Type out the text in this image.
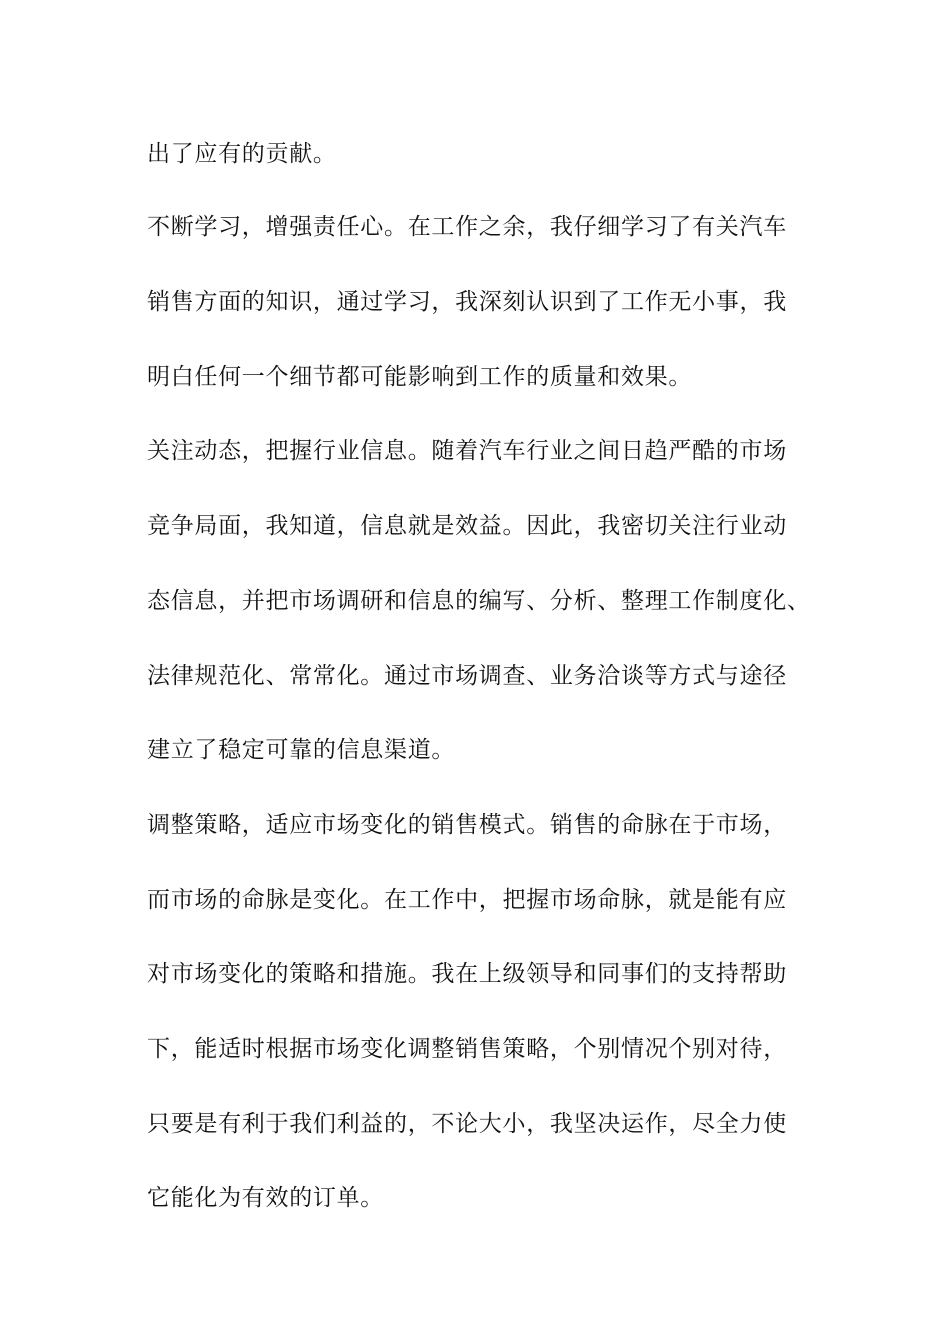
出了应有的贡献。
不断学习，增强责任心。在工作之余，我仔细学习了有关汽车
销售方面的知识，通过学习，我深刻认识到了工作无小事，我
明白任何一个细节都可能影响到工作的质量和效果。
关注动态，把握行业信息。随着汽车行业之间日趋严酷的市场
竞争局面，我知道，信息就是效益。因此，我密切关注行业动
态信息，并把市场调研和信息的编写、分析、整理工作制度化、
法律规范化、常常化。通过市场调查、业务洽谈等方式与途径
建立了稳定可靠的信息渠道。
调整策略，适应市场变化的销售模式。销售的命脉在于市场，
而市场的命脉是变化。在工作中，把握市场命脉，就是能有应
对市场变化的策略和措施。我在上级领导和同事们的支持帮助
下，能适时根据市场变化调整销售策略，个别情况个别对待，
只要是有利于我们利益的，不论大小，我坚决运作，尽全力使
它能化为有效的订单。
